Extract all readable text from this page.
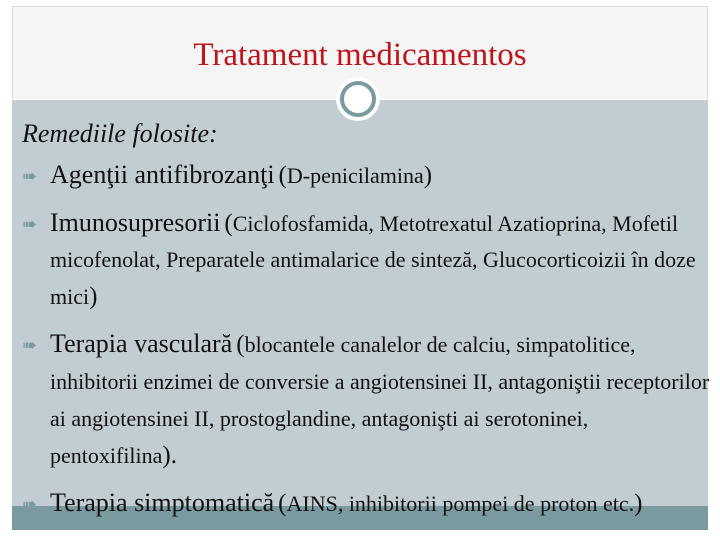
Tratament medicamentos
Remediile folosite:
➠ Agenţii antifibrozanţi (D-penicilamina)
➠ Imunosupresorii (Ciclofosfamida, Metotrexatul Azatioprina, Mofetil micofenolat, Preparatele antimalarice de sinteză, Glucocorticoizii în doze mici)
➠ Terapia vasculară (blocantele canalelor de calciu, simpatolitice, inhibitorii enzimei de conversie a angiotensinei II, antagoniştii receptorilor ai angiotensinei II, prostoglandine, antagonişti ai serotoninei, pentoxifilina).
➠ Terapia simptomatică (AINS, inhibitorii pompei de proton etc.)
